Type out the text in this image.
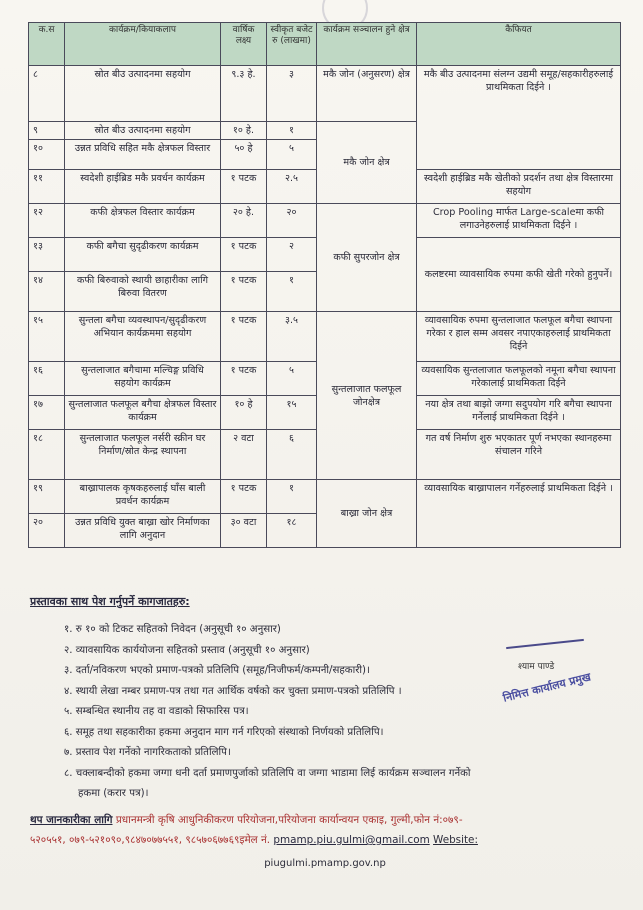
क.स	कार्यक्रम/कियाकलाप	वार्षिक लक्ष्य	स्वीकृत बजेट रु (लाखमा)	कार्यक्रम सञ्चालन हुने क्षेत्र	कैफियत
८	स्रोत बीउ उत्पादनमा सहयोग	९.३ हे.	३	मकै जोन (अनुसरण) क्षेत्र	मकै बीउ उत्पादनमा संलग्न उद्यमी समूह/सहकारीहरुलाई प्राथमिकता दिईने ।
९	स्रोत बीउ उत्पादनमा सहयोग	१० हे.	१	मकै जोन क्षेत्र	
१०	उन्नत प्रविधि सहित मकै क्षेत्रफल विस्तार	५० हे	५		
११	स्वदेशी हाईब्रिड मकै प्रवर्धन कार्यक्रम	१ पटक	२.५		स्वदेशी हाईब्रिड मकै खेतीको प्रदर्शन तथा क्षेत्र विस्तारमा सहयोग
१२	कफी क्षेत्रफल विस्तार कार्यक्रम	२० हे.	२०	कफी सुपरजोन क्षेत्र	Crop Pooling मार्फत Large-scaleमा कफी लगाउनेहरुलाई प्राथमिकता दिईने ।
१३	कफी बगैचा सुदृढीकरण कार्यक्रम	१ पटक	२		कलष्टरमा व्यावसायिक रुपमा कफी खेती गरेको हुनुपर्ने।
१४	कफी बिरुवाको स्थायी छाहारीका लागि बिरुवा वितरण	१ पटक	१		
१५	सुन्तला बगैचा व्यवस्थापन/सुदृढीकरण अभियान कार्यक्रममा सहयोग	१ पटक	३.५	सुन्तलाजात फलफूल जोनक्षेत्र	व्यावसायिक रुपमा सुन्तलाजात फलफूल बगैचा स्थापना गरेका र हाल सम्म अवसर नपाएकाहरुलाई प्राथमिकता दिईने
१६	सुन्तलाजात बगैचामा मल्चिङ्ग प्रविधि सहयोग कार्यक्रम	१ पटक	५		व्यवसायिक सुन्तलाजात फलफूलको नमूना बगैचा स्थापना गरेकालाई प्राथमिकता दिईने
१७	सुन्तलाजात फलफूल बगैचा क्षेत्रफल विस्तार कार्यक्रम	१० हे	१५		नया क्षेत्र तथा बाझो जग्गा सदुपयोग गरि बगैचा स्थापना गर्नेलाई प्राथमिकता दिईने ।
१८	सुन्तलाजात फलफूल नर्सरी स्क्रीन घर निर्माण/स्रोत केन्द्र स्थापना	२ वटा	६		गत वर्ष निर्माण शुरु भएकातर पूर्ण नभएका स्थानहरुमा संचालन गरिने
१९	बाख्रापालक कृषकहरुलाई घाँस बाली प्रवर्धन कार्यक्रम	१ पटक	१	बाख्रा जोन क्षेत्र	व्यावसायिक बाख्रापालन गर्नेहरुलाई प्राथमिकता दिईने ।
२०	उन्नत प्रविधि युक्त बाख्रा खोर निर्माणका लागि अनुदान	३० वटा	१८		
प्रस्तावका साथ पेश गर्नुपर्ने कागजातहरु:
१. रु १० को टिकट सहितको निवेदन (अनुसूची १० अनुसार)
२. व्यावसायिक कार्ययोजना सहितको प्रस्ताव (अनुसूची १० अनुसार)
३. दर्ता/नविकरण भएको प्रमाण-पत्रको प्रतिलिपि (समूह/निजीफर्म/कम्पनी/सहकारी)।
४. स्थायी लेखा नम्बर प्रमाण-पत्र तथा गत आर्थिक वर्षको कर चुक्ता प्रमाण-पत्रको प्रतिलिपि ।
५. सम्बन्धित स्थानीय तह वा वडाको सिफारिस पत्र।
६. समूह तथा सहकारीका हकमा अनुदान माग गर्न गरिएको संस्थाको निर्णयको प्रतिलिपि।
७. प्रस्ताव पेश गर्नेको नागरिकताको प्रतिलिपि।
८. चक्लाबन्दीको हकमा जग्गा धनी दर्ता प्रमाणपुर्जाको प्रतिलिपि वा जग्गा भाडामा लिई कार्यक्रम सञ्चालन गर्नेको
हकमा (करार पत्र)।
श्याम पाण्डे
निमित्त कार्यालय प्रमुख
थप जानकारीका लागि प्रधानमन्त्री कृषि आधुनिकीकरण परियोजना,परियोजना कार्यान्वयन एकाइ, गुल्मी,फोन नं:०७९-
५२०५५१, ०७९-५२१०९०,९८४७०७७५५१, ९८५७०६७७६९इमेल नं. pmamp.piu.gulmi@gmail.com Website:
piugulmi.pmamp.gov.np
